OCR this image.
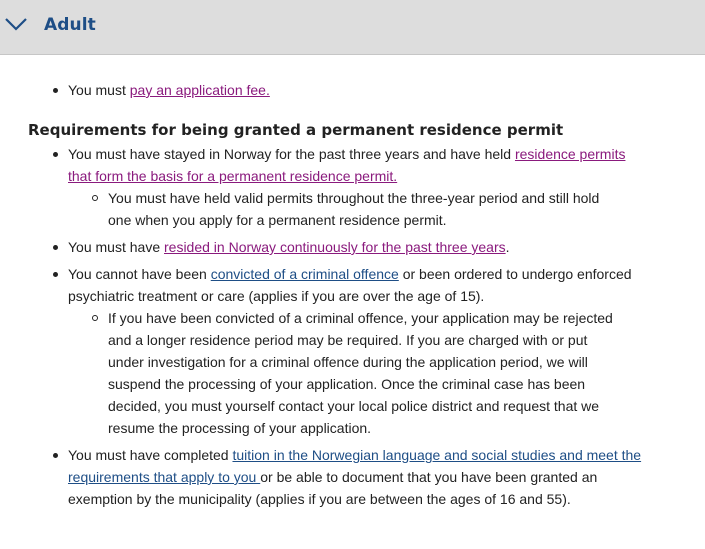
Adult
You must pay an application fee.
Requirements for being granted a permanent residence permit
You must have stayed in Norway for the past three years and have held residence permits that form the basis for a permanent residence permit.
You must have held valid permits throughout the three-year period and still hold one when you apply for a permanent residence permit.
You must have resided in Norway continuously for the past three years.
You cannot have been convicted of a criminal offence or been ordered to undergo enforced psychiatric treatment or care (applies if you are over the age of 15).
If you have been convicted of a criminal offence, your application may be rejected and a longer residence period may be required. If you are charged with or put under investigation for a criminal offence during the application period, we will suspend the processing of your application. Once the criminal case has been decided, you must yourself contact your local police district and request that we resume the processing of your application.
You must have completed tuition in the Norwegian language and social studies and meet the requirements that apply to you or be able to document that you have been granted an exemption by the municipality (applies if you are between the ages of 16 and 55).
